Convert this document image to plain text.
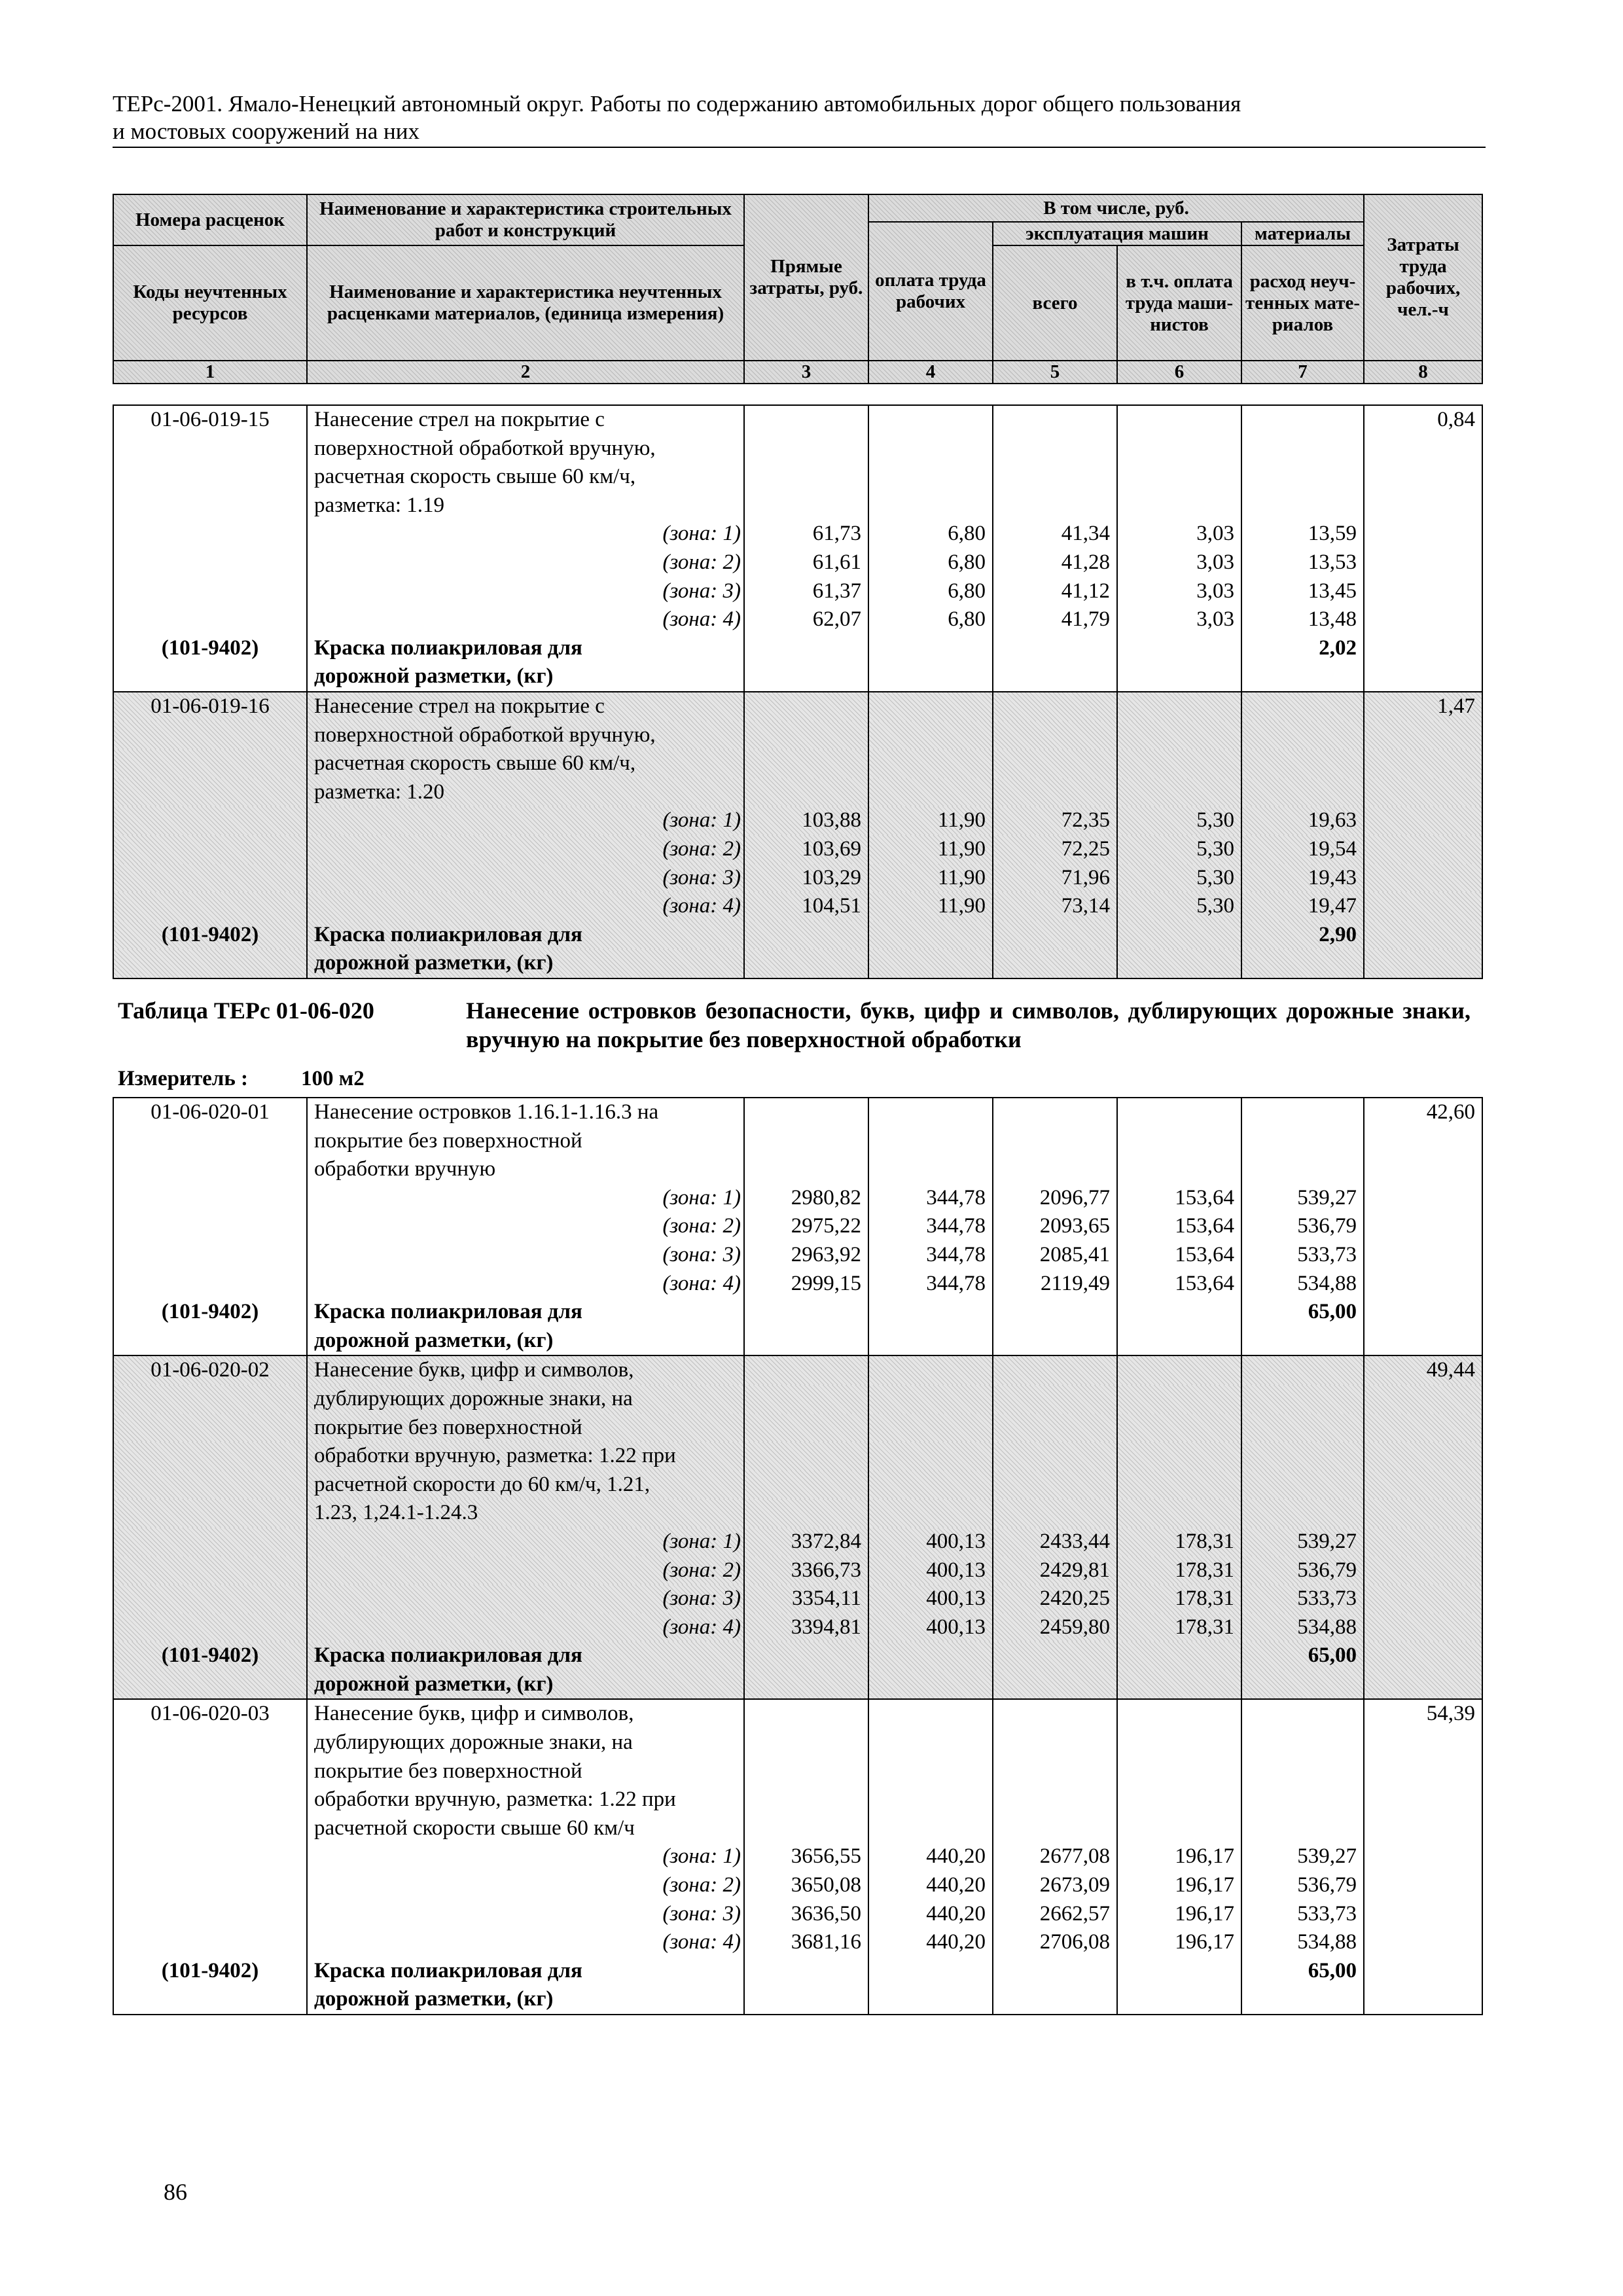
ТЕРс-2001. Ямало-Ненецкий автономный округ. Работы по содержанию автомобильных дорог общего пользования
и мостовых сооружений на них
Номера расценок	Наименование и характеристика строительных работ и конструкций	Прямые затраты, руб.	В том числе, руб.				Затраты труда рабочих, чел.-ч
			оплата труда рабочих	эксплуатация машин		материалы	
Коды неучтенных ресурсов	Наименование и характеристика неучтенных расценками материалов, (единица измерения)			всего	в т.ч. оплата труда маши-нистов	расход неуч-тенных мате-риалов	

1	2	3	4	5	6	7	8
01-06-019-15	Нанесение стрел на покрытие с						0,84

	поверхностной обработкой вручную,						

	расчетная скорость свыше 60 км/ч,						

	разметка: 1.19						

	(зона: 1)	61,73	6,80	41,34	3,03	13,59	

	(зона: 2)	61,61	6,80	41,28	3,03	13,53	

	(зона: 3)	61,37	6,80	41,12	3,03	13,45	

	(зона: 4)	62,07	6,80	41,79	3,03	13,48	

(101-9402)	Краска полиакриловая для					2,02	

	дорожной разметки, (кг)						

01-06-019-16	Нанесение стрел на покрытие с						1,47

	поверхностной обработкой вручную,						

	расчетная скорость свыше 60 км/ч,						

	разметка: 1.20						

	(зона: 1)	103,88	11,90	72,35	5,30	19,63	

	(зона: 2)	103,69	11,90	72,25	5,30	19,54	

	(зона: 3)	103,29	11,90	71,96	5,30	19,43	

	(зона: 4)	104,51	11,90	73,14	5,30	19,47	

(101-9402)	Краска полиакриловая для					2,90	

	дорожной разметки, (кг)						

Таблица ТЕРс 01-06-020	Нанесение островков безопасности, букв, цифр и символов, дублирующих дорожные знаки, вручную на покрытие без поверхностной обработки
Измеритель : 100 м2
01-06-020-01	Нанесение островков 1.16.1-1.16.3 на						42,60

	покрытие без поверхностной						

	обработки вручную						

	(зона: 1)	2980,82	344,78	2096,77	153,64	539,27	

	(зона: 2)	2975,22	344,78	2093,65	153,64	536,79	

	(зона: 3)	2963,92	344,78	2085,41	153,64	533,73	

	(зона: 4)	2999,15	344,78	2119,49	153,64	534,88	

(101-9402)	Краска полиакриловая для					65,00	

	дорожной разметки, (кг)						

01-06-020-02	Нанесение букв, цифр и символов,						49,44

	дублирующих дорожные знаки, на						

	покрытие без поверхностной						

	обработки вручную, разметка: 1.22 при						

	расчетной скорости до 60 км/ч, 1.21,						

	1.23, 1,24.1-1.24.3						

	(зона: 1)	3372,84	400,13	2433,44	178,31	539,27	

	(зона: 2)	3366,73	400,13	2429,81	178,31	536,79	

	(зона: 3)	3354,11	400,13	2420,25	178,31	533,73	

	(зона: 4)	3394,81	400,13	2459,80	178,31	534,88	

(101-9402)	Краска полиакриловая для					65,00	

	дорожной разметки, (кг)						

01-06-020-03	Нанесение букв, цифр и символов,						54,39

	дублирующих дорожные знаки, на						

	покрытие без поверхностной						

	обработки вручную, разметка: 1.22 при						

	расчетной скорости свыше 60 км/ч						

	(зона: 1)	3656,55	440,20	2677,08	196,17	539,27	

	(зона: 2)	3650,08	440,20	2673,09	196,17	536,79	

	(зона: 3)	3636,50	440,20	2662,57	196,17	533,73	

	(зона: 4)	3681,16	440,20	2706,08	196,17	534,88	

(101-9402)	Краска полиакриловая для					65,00	

	дорожной разметки, (кг)						

86
